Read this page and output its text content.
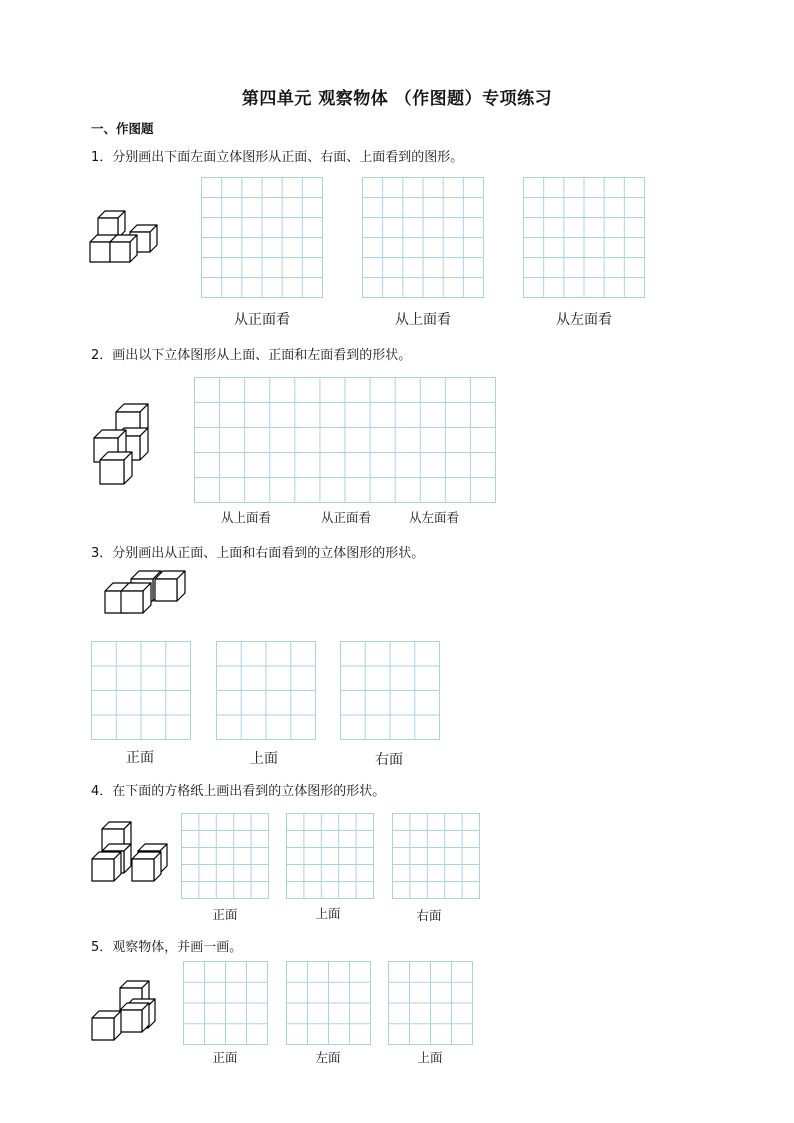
第四单元 观察物体 （作图题）专项练习
一、作图题
1．分别画出下面左面立体图形从正面、右面、上面看到的图形。
从正面看	从上面看	从左面看
2．画出以下立体图形从上面、正面和左面看到的形状。
从上面看	从正面看	从左面看
3．分别画出从正面、上面和右面看到的立体图形的形状。
正面	上面	右面
4．在下面的方格纸上画出看到的立体图形的形状。
正面	上面	右面
5．观察物体，并画一画。
正面	左面	上面
